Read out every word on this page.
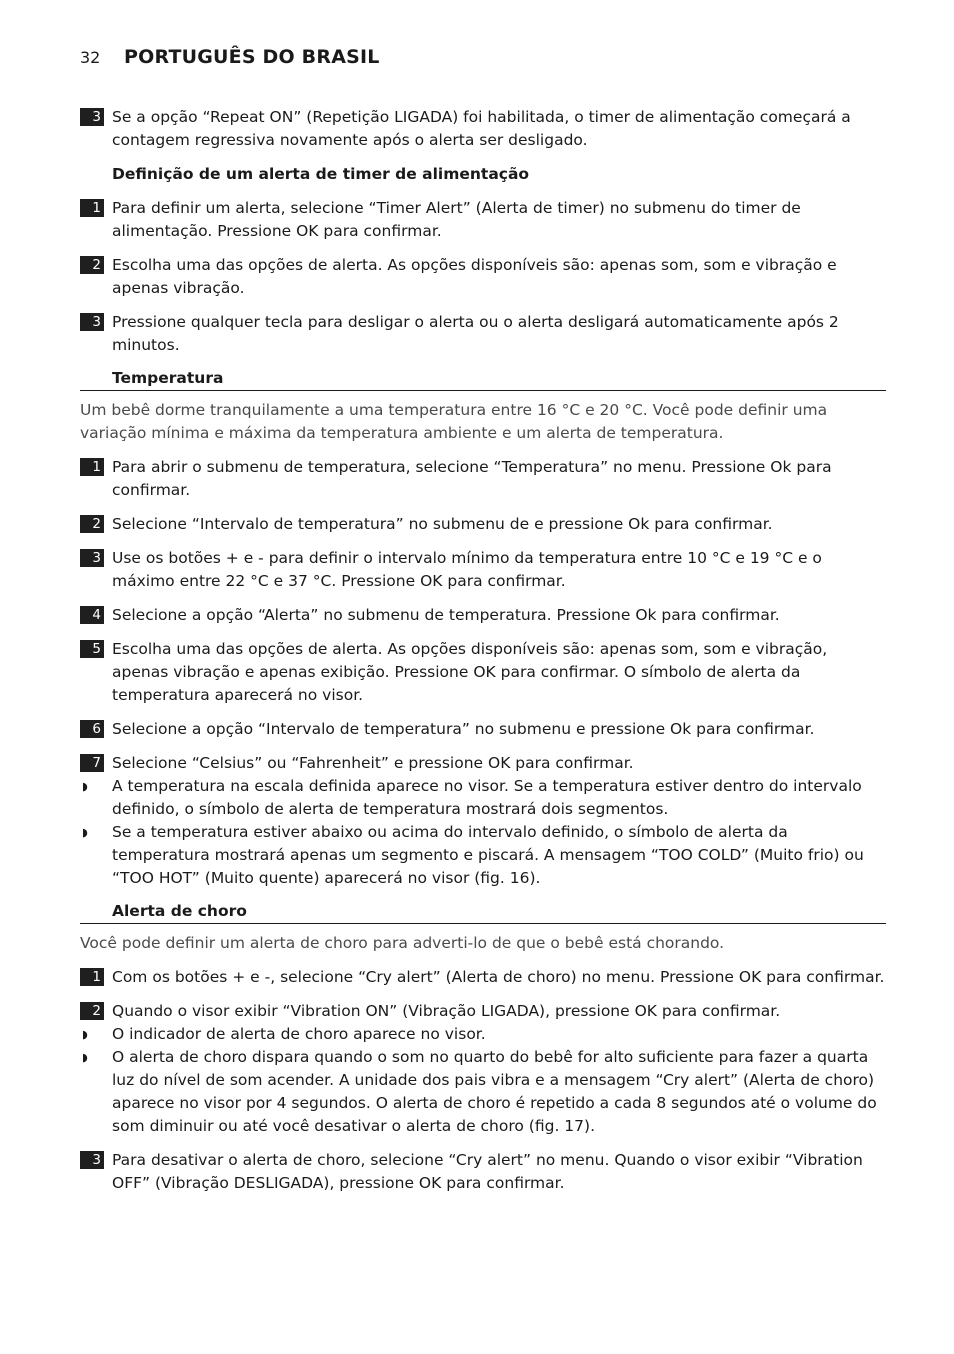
32	PORTUGUÊS DO BRASIL
3 Se a opção “Repeat ON” (Repetição LIGADA) foi habilitada, o timer de alimentação começará a contagem regressiva novamente após o alerta ser desligado.
Definição de um alerta de timer de alimentação
1 Para definir um alerta, selecione “Timer Alert” (Alerta de timer) no submenu do timer de alimentação. Pressione OK para confirmar.
2 Escolha uma das opções de alerta. As opções disponíveis são: apenas som, som e vibração e apenas vibração.
3 Pressione qualquer tecla para desligar o alerta ou o alerta desligará automaticamente após 2 minutos.
Temperatura
Um bebê dorme tranquilamente a uma temperatura entre 16 °C e 20 °C. Você pode definir uma variação mínima e máxima da temperatura ambiente e um alerta de temperatura.
1 Para abrir o submenu de temperatura, selecione “Temperatura” no menu. Pressione Ok para confirmar.
2 Selecione “Intervalo de temperatura” no submenu de e pressione Ok para confirmar.
3 Use os botões + e - para definir o intervalo mínimo da temperatura entre 10 °C e 19 °C e o máximo entre 22 °C e 37 °C. Pressione OK para confirmar.
4 Selecione a opção “Alerta” no submenu de temperatura. Pressione Ok para confirmar.
5 Escolha uma das opções de alerta. As opções disponíveis são: apenas som, som e vibração, apenas vibração e apenas exibição. Pressione OK para confirmar. O símbolo de alerta da temperatura aparecerá no visor.
6 Selecione a opção “Intervalo de temperatura” no submenu e pressione Ok para confirmar.
7 Selecione “Celsius” ou “Fahrenheit” e pressione OK para confirmar.
◗	A temperatura na escala definida aparece no visor. Se a temperatura estiver dentro do intervalo definido, o símbolo de alerta de temperatura mostrará dois segmentos.
◗	Se a temperatura estiver abaixo ou acima do intervalo definido, o símbolo de alerta da temperatura mostrará apenas um segmento e piscará. A mensagem “TOO COLD” (Muito frio) ou “TOO HOT” (Muito quente) aparecerá no visor (fig. 16).
Alerta de choro
Você pode definir um alerta de choro para adverti-lo de que o bebê está chorando.
1 Com os botões + e -, selecione “Cry alert” (Alerta de choro) no menu. Pressione OK para confirmar.
2 Quando o visor exibir “Vibration ON” (Vibração LIGADA), pressione OK para confirmar.
◗	O indicador de alerta de choro aparece no visor.
◗	O alerta de choro dispara quando o som no quarto do bebê for alto suficiente para fazer a quarta luz do nível de som acender. A unidade dos pais vibra e a mensagem “Cry alert” (Alerta de choro) aparece no visor por 4 segundos. O alerta de choro é repetido a cada 8 segundos até o volume do som diminuir ou até você desativar o alerta de choro (fig. 17).
3 Para desativar o alerta de choro, selecione “Cry alert” no menu. Quando o visor exibir “Vibration OFF” (Vibração DESLIGADA), pressione OK para confirmar.
